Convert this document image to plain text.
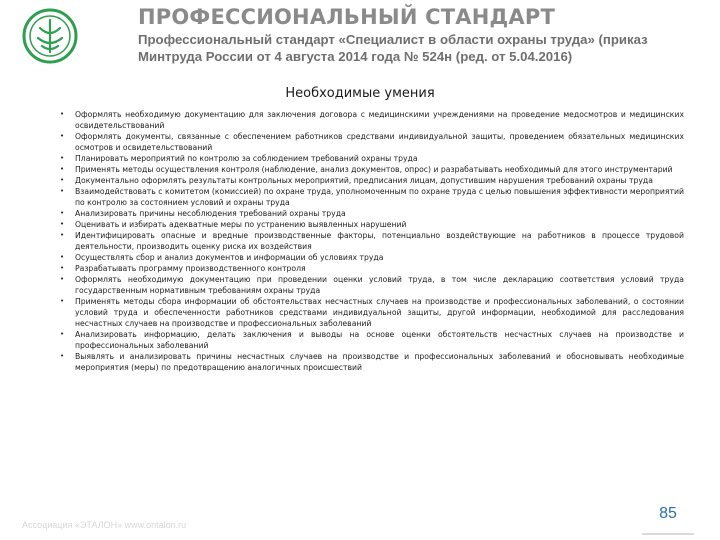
ПРОФЕССИОНАЛЬНЫЙ СТАНДАРТ
Профессиональный стандарт «Специалист в области охраны труда» (приказ Минтруда России от 4 августа 2014 года № 524н (ред. от 5.04.2016)
Необходимые умения
• Оформлять необходимую документацию для заключения договора с медицинскими учреждениями на проведение медосмотров и медицинских освидетельствований
• Оформлять документы, связанные с обеспечением работников средствами индивидуальной защиты, проведением обязательных медицинских осмотров и освидетельствований
• Планировать мероприятий по контролю за соблюдением требований охраны труда
• Применять методы осуществления контроля (наблюдение, анализ документов, опрос) и разрабатывать необходимый для этого инструментарий
• Документально оформлять результаты контрольных мероприятий, предписания лицам, допустившим нарушения требований охраны труда
• Взаимодействовать с комитетом (комиссией) по охране труда, уполномоченным по охране труда с целью повышения эффективности мероприятий по контролю за состоянием условий и охраны труда
• Анализировать причины несоблюдения требований охраны труда
• Оценивать и избирать адекватные меры по устранению выявленных нарушений
• Идентифицировать опасные и вредные производственные факторы, потенциально воздействующие на работников в процессе трудовой деятельности, производить оценку риска их воздействия
• Осуществлять сбор и анализ документов и информации об условиях труда
• Разрабатывать программу производственного контроля
• Оформлять необходимую документацию при проведении оценки условий труда, в том числе декларацию соответствия условий труда государственным нормативным требованиям охраны труда
• Применять методы сбора информации об обстоятельствах несчастных случаев на производстве и профессиональных заболеваний, о состоянии условий труда и обеспеченности работников средствами индивидуальной защиты, другой информации, необходимой для расследования несчастных случаев на производстве и профессиональных заболеваний
• Анализировать информацию, делать заключения и выводы на основе оценки обстоятельств несчастных случаев на производстве и профессиональных заболеваний
• Выявлять и анализировать причины несчастных случаев на производстве и профессиональных заболеваний и обосновывать необходимые мероприятия (меры) по предотвращению аналогичных происшествий
Ассоциация «ЭТАЛОН» www.ontalon.ru
85
